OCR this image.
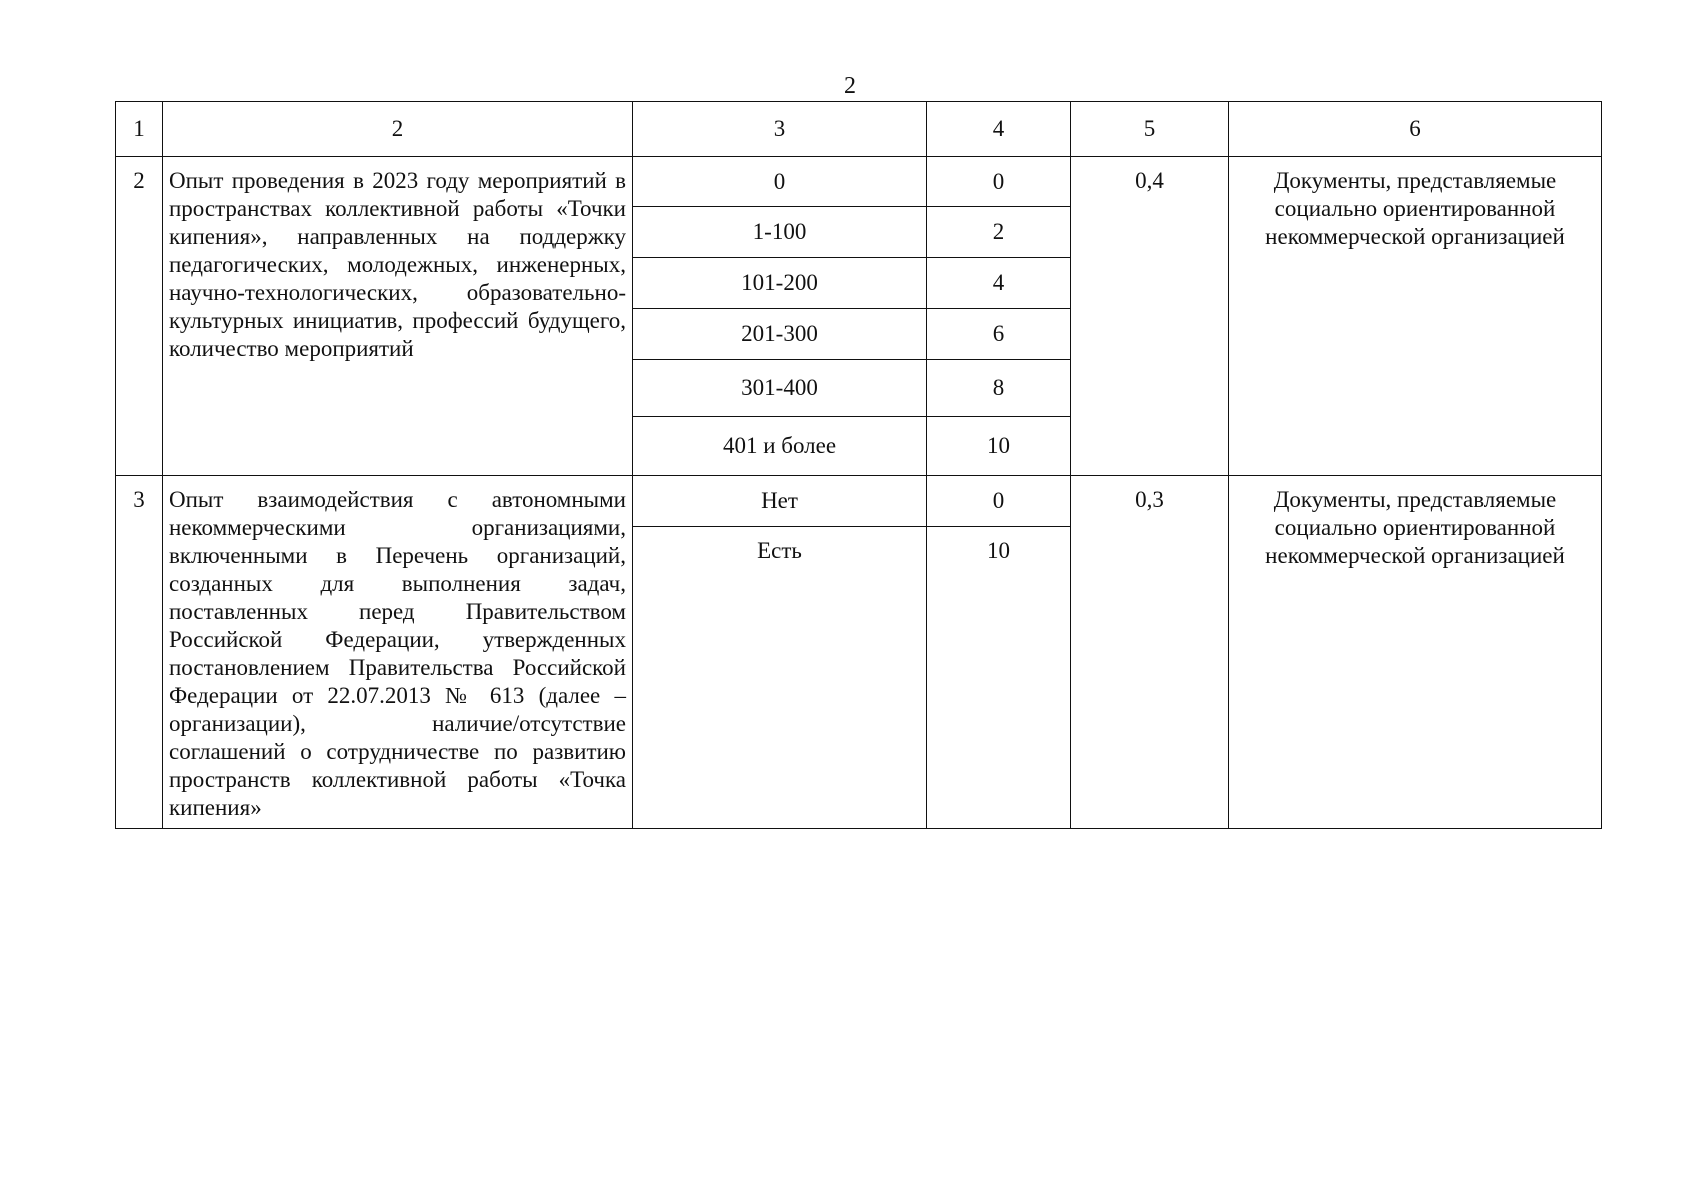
2
1	2	3	4	5	6
2	Опыт проведения в 2023 году мероприятий в пространствах коллективной работы «Точки кипения», направленных на поддержку педагогических, молодежных, инженерных, научно-технологических, образовательно-культурных инициатив, профессий будущего, количество мероприятий	0	0	0,4	Документы, представляемые социально ориентированной некоммерческой организацией
		1-100	2		
		101-200	4		
		201-300	6		
		301-400	8		
		401 и более	10		
3	Опыт взаимодействия с автономными некоммерческими организациями, включенными в Перечень организаций, созданных для выполнения задач, поставленных перед Правительством Российской Федерации, утвержденных постановлением Правительства Российской Федерации от 22.07.2013 № 613 (далее – организации), наличие/отсутствие соглашений о сотрудничестве по развитию пространств коллективной работы «Точка кипения»	Нет	0	0,3	Документы, представляемые социально ориентированной некоммерческой организацией
		Есть	10		
